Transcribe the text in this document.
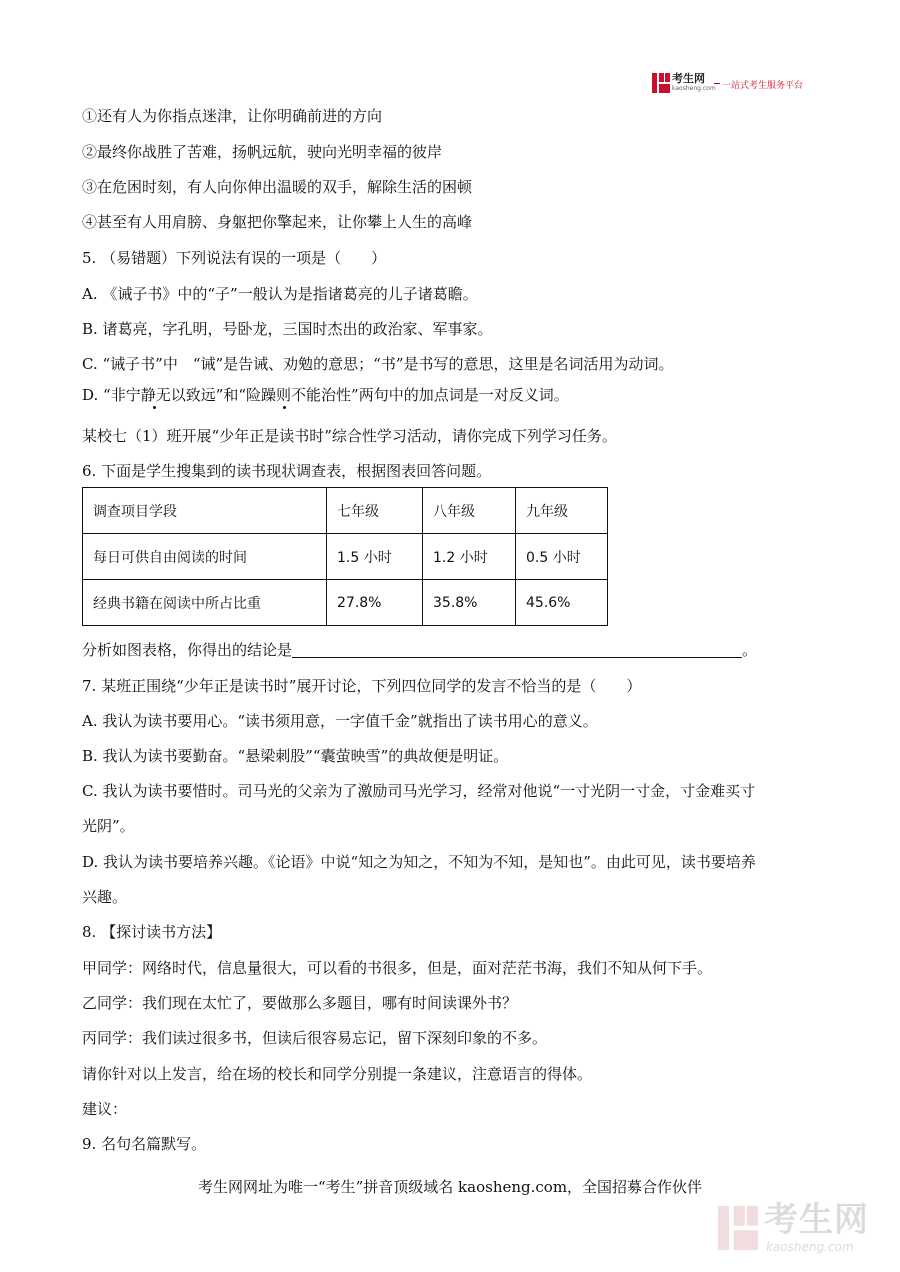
考生网
kaosheng.com 一站式考生服务平台
①还有人为你指点迷津，让你明确前进的方向
②最终你战胜了苦难，扬帆远航，驶向光明幸福的彼岸
③在危困时刻，有人向你伸出温暖的双手，解除生活的困顿
④甚至有人用肩膀、身躯把你擎起来，让你攀上人生的高峰
5. （易错题）下列说法有误的一项是（　　）
A. 《诫子书》中的“子”一般认为是指诸葛亮的儿子诸葛瞻。
B. 诸葛亮，字孔明，号卧龙，三国时杰出的政治家、军事家。
C. “诫子书”中　“诫”是告诫、劝勉的意思；“书”是书写的意思，这里是名词活用为动词。
D. “非宁静无以致远”和“险躁则不能治性”两句中的加点词是一对反义词。
某校七（1）班开展“少年正是读书时”综合性学习活动，请你完成下列学习任务。
6. 下面是学生搜集到的读书现状调查表，根据图表回答问题。
调查项目学段	七年级	八年级	九年级
每日可供自由阅读的时间	1.5 小时	1.2 小时	0.5 小时
经典书籍在阅读中所占比重	27.8%	35.8%	45.6%
分析如图表格，你得出的结论是	。
7. 某班正围绕“少年正是读书时”展开讨论，下列四位同学的发言不恰当的是（　　）
A. 我认为读书要用心。“读书须用意，一字值千金”就指出了读书用心的意义。
B. 我认为读书要勤奋。“悬梁刺股”“囊萤映雪”的典故便是明证。
C. 我认为读书要惜时。司马光的父亲为了激励司马光学习，经常对他说“一寸光阴一寸金，寸金难买寸
光阴”。
D. 我认为读书要培养兴趣。《论语》中说“知之为知之，不知为不知，是知也”。由此可见，读书要培养
兴趣。
8. 【探讨读书方法】
甲同学：网络时代，信息量很大，可以看的书很多，但是，面对茫茫书海，我们不知从何下手。
乙同学：我们现在太忙了，要做那么多题目，哪有时间读课外书？
丙同学：我们读过很多书，但读后很容易忘记，留下深刻印象的不多。
请你针对以上发言，给在场的校长和同学分别提一条建议，注意语言的得体。
建议：
9. 名句名篇默写。
考生网网址为唯一“考生”拼音顶级域名 kaosheng.com，全国招募合作伙伴
考生网
kaosheng.com
